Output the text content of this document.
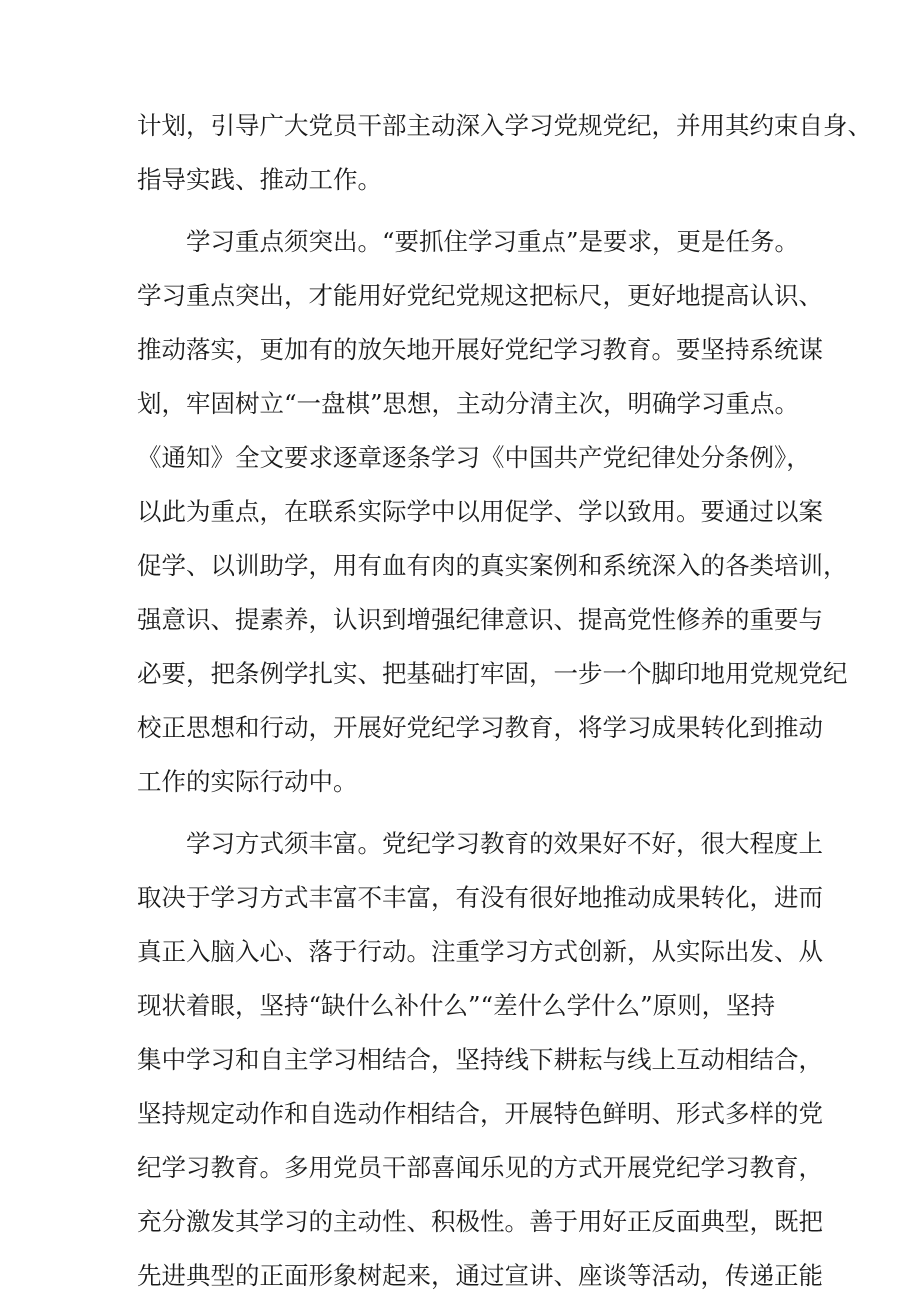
计划，引导广大党员干部主动深入学习党规党纪，并用其约束自身、
指导实践、推动工作。
学习重点须突出。“要抓住学习重点”是要求，更是任务。
学习重点突出，才能用好党纪党规这把标尺，更好地提高认识、
推动落实，更加有的放矢地开展好党纪学习教育。要坚持系统谋
划，牢固树立“一盘棋”思想，主动分清主次，明确学习重点。
《通知》全文要求逐章逐条学习《中国共产党纪律处分条例》，
以此为重点，在联系实际学中以用促学、学以致用。要通过以案
促学、以训助学，用有血有肉的真实案例和系统深入的各类培训，
强意识、提素养，认识到增强纪律意识、提高党性修养的重要与
必要，把条例学扎实、把基础打牢固，一步一个脚印地用党规党纪
校正思想和行动，开展好党纪学习教育，将学习成果转化到推动
工作的实际行动中。
学习方式须丰富。党纪学习教育的效果好不好，很大程度上
取决于学习方式丰富不丰富，有没有很好地推动成果转化，进而
真正入脑入心、落于行动。注重学习方式创新，从实际出发、从
现状着眼，坚持“缺什么补什么”“差什么学什么”原则，坚持
集中学习和自主学习相结合，坚持线下耕耘与线上互动相结合，
坚持规定动作和自选动作相结合，开展特色鲜明、形式多样的党
纪学习教育。多用党员干部喜闻乐见的方式开展党纪学习教育，
充分激发其学习的主动性、积极性。善于用好正反面典型，既把
先进典型的正面形象树起来，通过宣讲、座谈等活动，传递正能
